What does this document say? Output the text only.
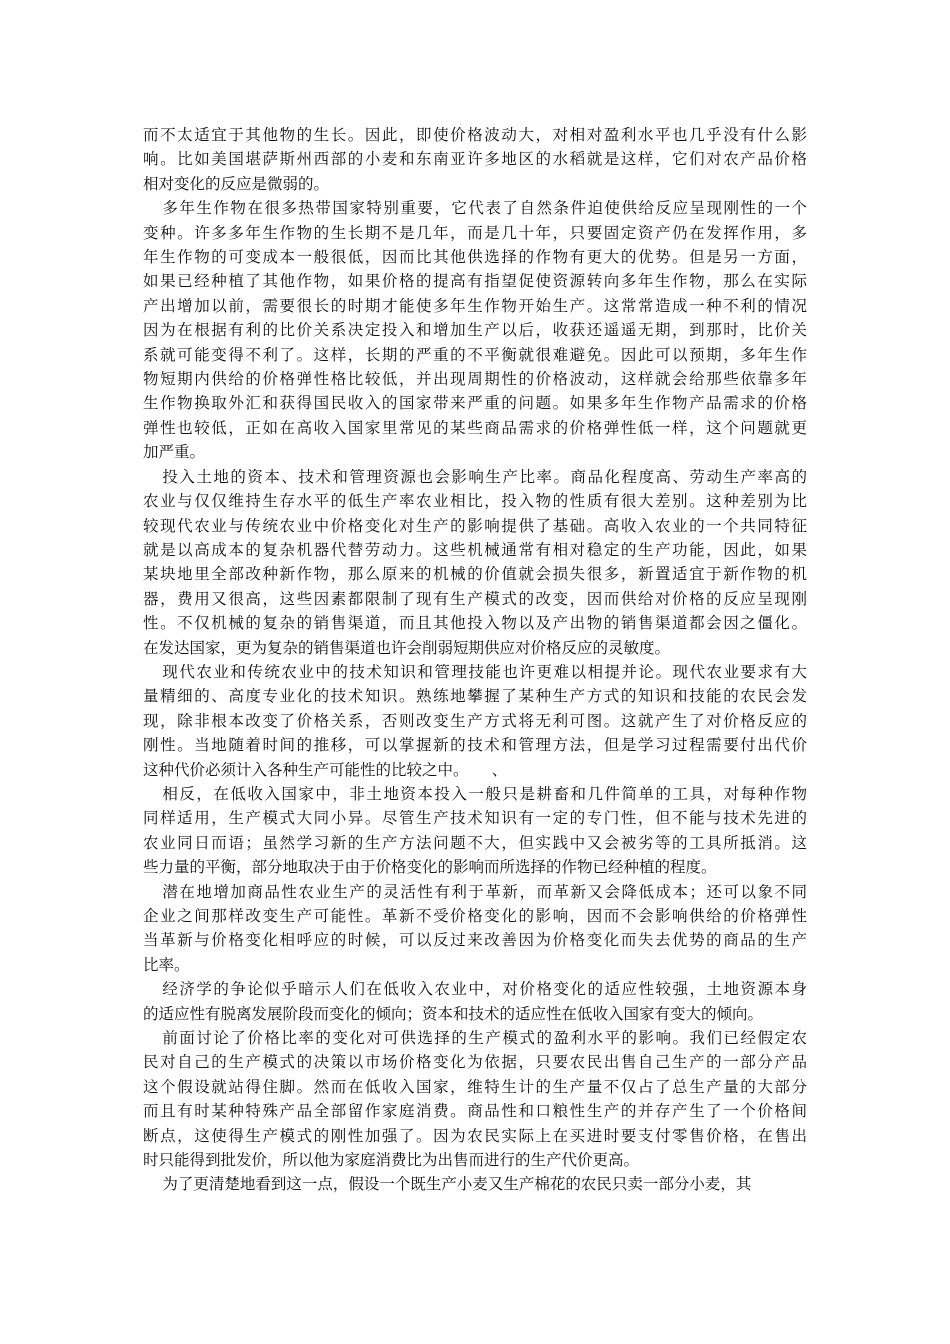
而不太适宜于其他物的生长。因此，即使价格波动大，对相对盈利水平也几乎没有什么影
响。比如美国堪萨斯州西部的小麦和东南亚许多地区的水稻就是这样，它们对农产品价格
相对变化的反应是微弱的。
多年生作物在很多热带国家特别重要，它代表了自然条件迫使供给反应呈现刚性的一个
变种。许多多年生作物的生长期不是几年，而是几十年，只要固定资产仍在发挥作用，多
年生作物的可变成本一般很低，因而比其他供选择的作物有更大的优势。但是另一方面，
如果已经种植了其他作物，如果价格的提高有指望促使资源转向多年生作物，那么在实际
产出增加以前，需要很长的时期才能使多年生作物开始生产。这常常造成一种不利的情况
因为在根据有利的比价关系决定投入和增加生产以后，收获还遥遥无期，到那时，比价关
系就可能变得不利了。这样，长期的严重的不平衡就很难避免。因此可以预期，多年生作
物短期内供给的价格弹性格比较低，并出现周期性的价格波动，这样就会给那些依靠多年
生作物换取外汇和获得国民收入的国家带来严重的问题。如果多年生作物产品需求的价格
弹性也较低，正如在高收入国家里常见的某些商品需求的价格弹性低一样，这个问题就更
加严重。
投入土地的资本、技术和管理资源也会影响生产比率。商品化程度高、劳动生产率高的
农业与仅仅维持生存水平的低生产率农业相比，投入物的性质有很大差别。这种差别为比
较现代农业与传统农业中价格变化对生产的影响提供了基础。高收入农业的一个共同特征
就是以高成本的复杂机器代替劳动力。这些机械通常有相对稳定的生产功能，因此，如果
某块地里全部改种新作物，那么原来的机械的价值就会损失很多，新置适宜于新作物的机
器，费用又很高，这些因素都限制了现有生产模式的改变，因而供给对价格的反应呈现刚
性。不仅机械的复杂的销售渠道，而且其他投入物以及产出物的销售渠道都会因之僵化。
在发达国家，更为复杂的销售渠道也许会削弱短期供应对价格反应的灵敏度。
现代农业和传统农业中的技术知识和管理技能也许更难以相提并论。现代农业要求有大
量精细的、高度专业化的技术知识。熟练地攀握了某种生产方式的知识和技能的农民会发
现，除非根本改变了价格关系，否则改变生产方式将无利可图。这就产生了对价格反应的
刚性。当地随着时间的推移，可以掌握新的技术和管理方法，但是学习过程需要付出代价
这种代价必须计入各种生产可能性的比较之中。　　、
相反，在低收入国家中，非土地资本投入一般只是耕畜和几件简单的工具，对每种作物
同样适用，生产模式大同小异。尽管生产技术知识有一定的专门性，但不能与技术先进的
农业同日而语；虽然学习新的生产方法问题不大，但实践中又会被劣等的工具所抵消。这
些力量的平衡，部分地取决于由于价格变化的影响而所选择的作物已经种植的程度。
潜在地增加商品性农业生产的灵活性有利于革新，而革新又会降低成本；还可以象不同
企业之间那样改变生产可能性。革新不受价格变化的影响，因而不会影响供给的价格弹性
当革新与价格变化相呼应的时候，可以反过来改善因为价格变化而失去优势的商品的生产
比率。
经济学的争论似乎暗示人们在低收入农业中，对价格变化的适应性较强，土地资源本身
的适应性有脱离发展阶段而变化的倾向；资本和技术的适应性在低收入国家有变大的倾向。
前面讨论了价格比率的变化对可供选择的生产模式的盈利水平的影响。我们已经假定农
民对自己的生产模式的决策以市场价格变化为依据，只要农民出售自己生产的一部分产品
这个假设就站得住脚。然而在低收入国家，维特生计的生产量不仅占了总生产量的大部分
而且有时某种特殊产品全部留作家庭消费。商品性和口粮性生产的并存产生了一个价格间
断点，这使得生产模式的刚性加强了。因为农民实际上在买进时要支付零售价格，在售出
时只能得到批发价，所以他为家庭消费比为出售而进行的生产代价更高。
为了更清楚地看到这一点，假设一个既生产小麦又生产棉花的农民只卖一部分小麦，其
